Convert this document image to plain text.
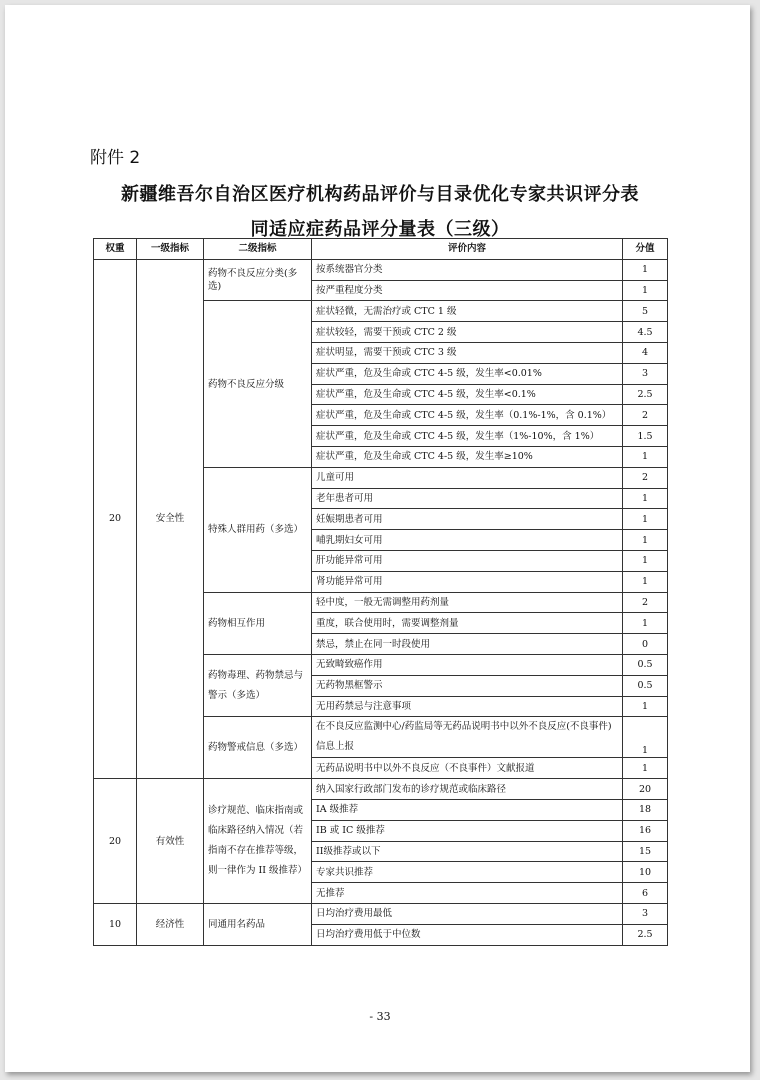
附件 2
新疆维吾尔自治区医疗机构药品评价与目录优化专家共识评分表
同适应症药品评分量表（三级）
权重	一级指标	二级指标	评价内容	分值
20	安全性	药物不良反应分类(多选)	按系统器官分类	1
			按严重程度分类	1
		药物不良反应分级	症状轻微，无需治疗或 CTC 1 级	5
			症状较轻，需要干预或 CTC 2 级	4.5
			症状明显，需要干预或 CTC 3 级	4
			症状严重，危及生命或 CTC 4-5 级，发生率<0.01%	3
			症状严重，危及生命或 CTC 4-5 级，发生率<0.1%	2.5
			症状严重，危及生命或 CTC 4-5 级，发生率（0.1%-1%，含 0.1%）	2
			症状严重，危及生命或 CTC 4-5 级，发生率（1%-10%，含 1%）	1.5
			症状严重，危及生命或 CTC 4-5 级，发生率≥10%	1
		特殊人群用药（多选）	儿童可用	2
			老年患者可用	1
			妊娠期患者可用	1
			哺乳期妇女可用	1
			肝功能异常可用	1
			肾功能异常可用	1
		药物相互作用	轻中度，一般无需调整用药剂量	2
			重度，联合使用时，需要调整剂量	1
			禁忌，禁止在同一时段使用	0
		药物毒理、药物禁忌与警示（多选）	无致畸致癌作用	0.5
			无药物黑框警示	0.5
			无用药禁忌与注意事项	1
		药物警戒信息（多选）	在不良反应监测中心/药监局等无药品说明书中以外不良反应(不良事件)信息上报	1
			无药品说明书中以外不良反应（不良事件）文献报道	1
20	有效性	诊疗规范、临床指南或临床路径纳入情况（若指南不存在推荐等级，则一律作为 II 级推荐）	纳入国家行政部门发布的诊疗规范或临床路径	20
			IA 级推荐	18
			IB 或 IC 级推荐	16
			II级推荐或以下	15
			专家共识推荐	10
			无推荐	6
10	经济性	同通用名药品	日均治疗费用最低	3
			日均治疗费用低于中位数	2.5
- 33
